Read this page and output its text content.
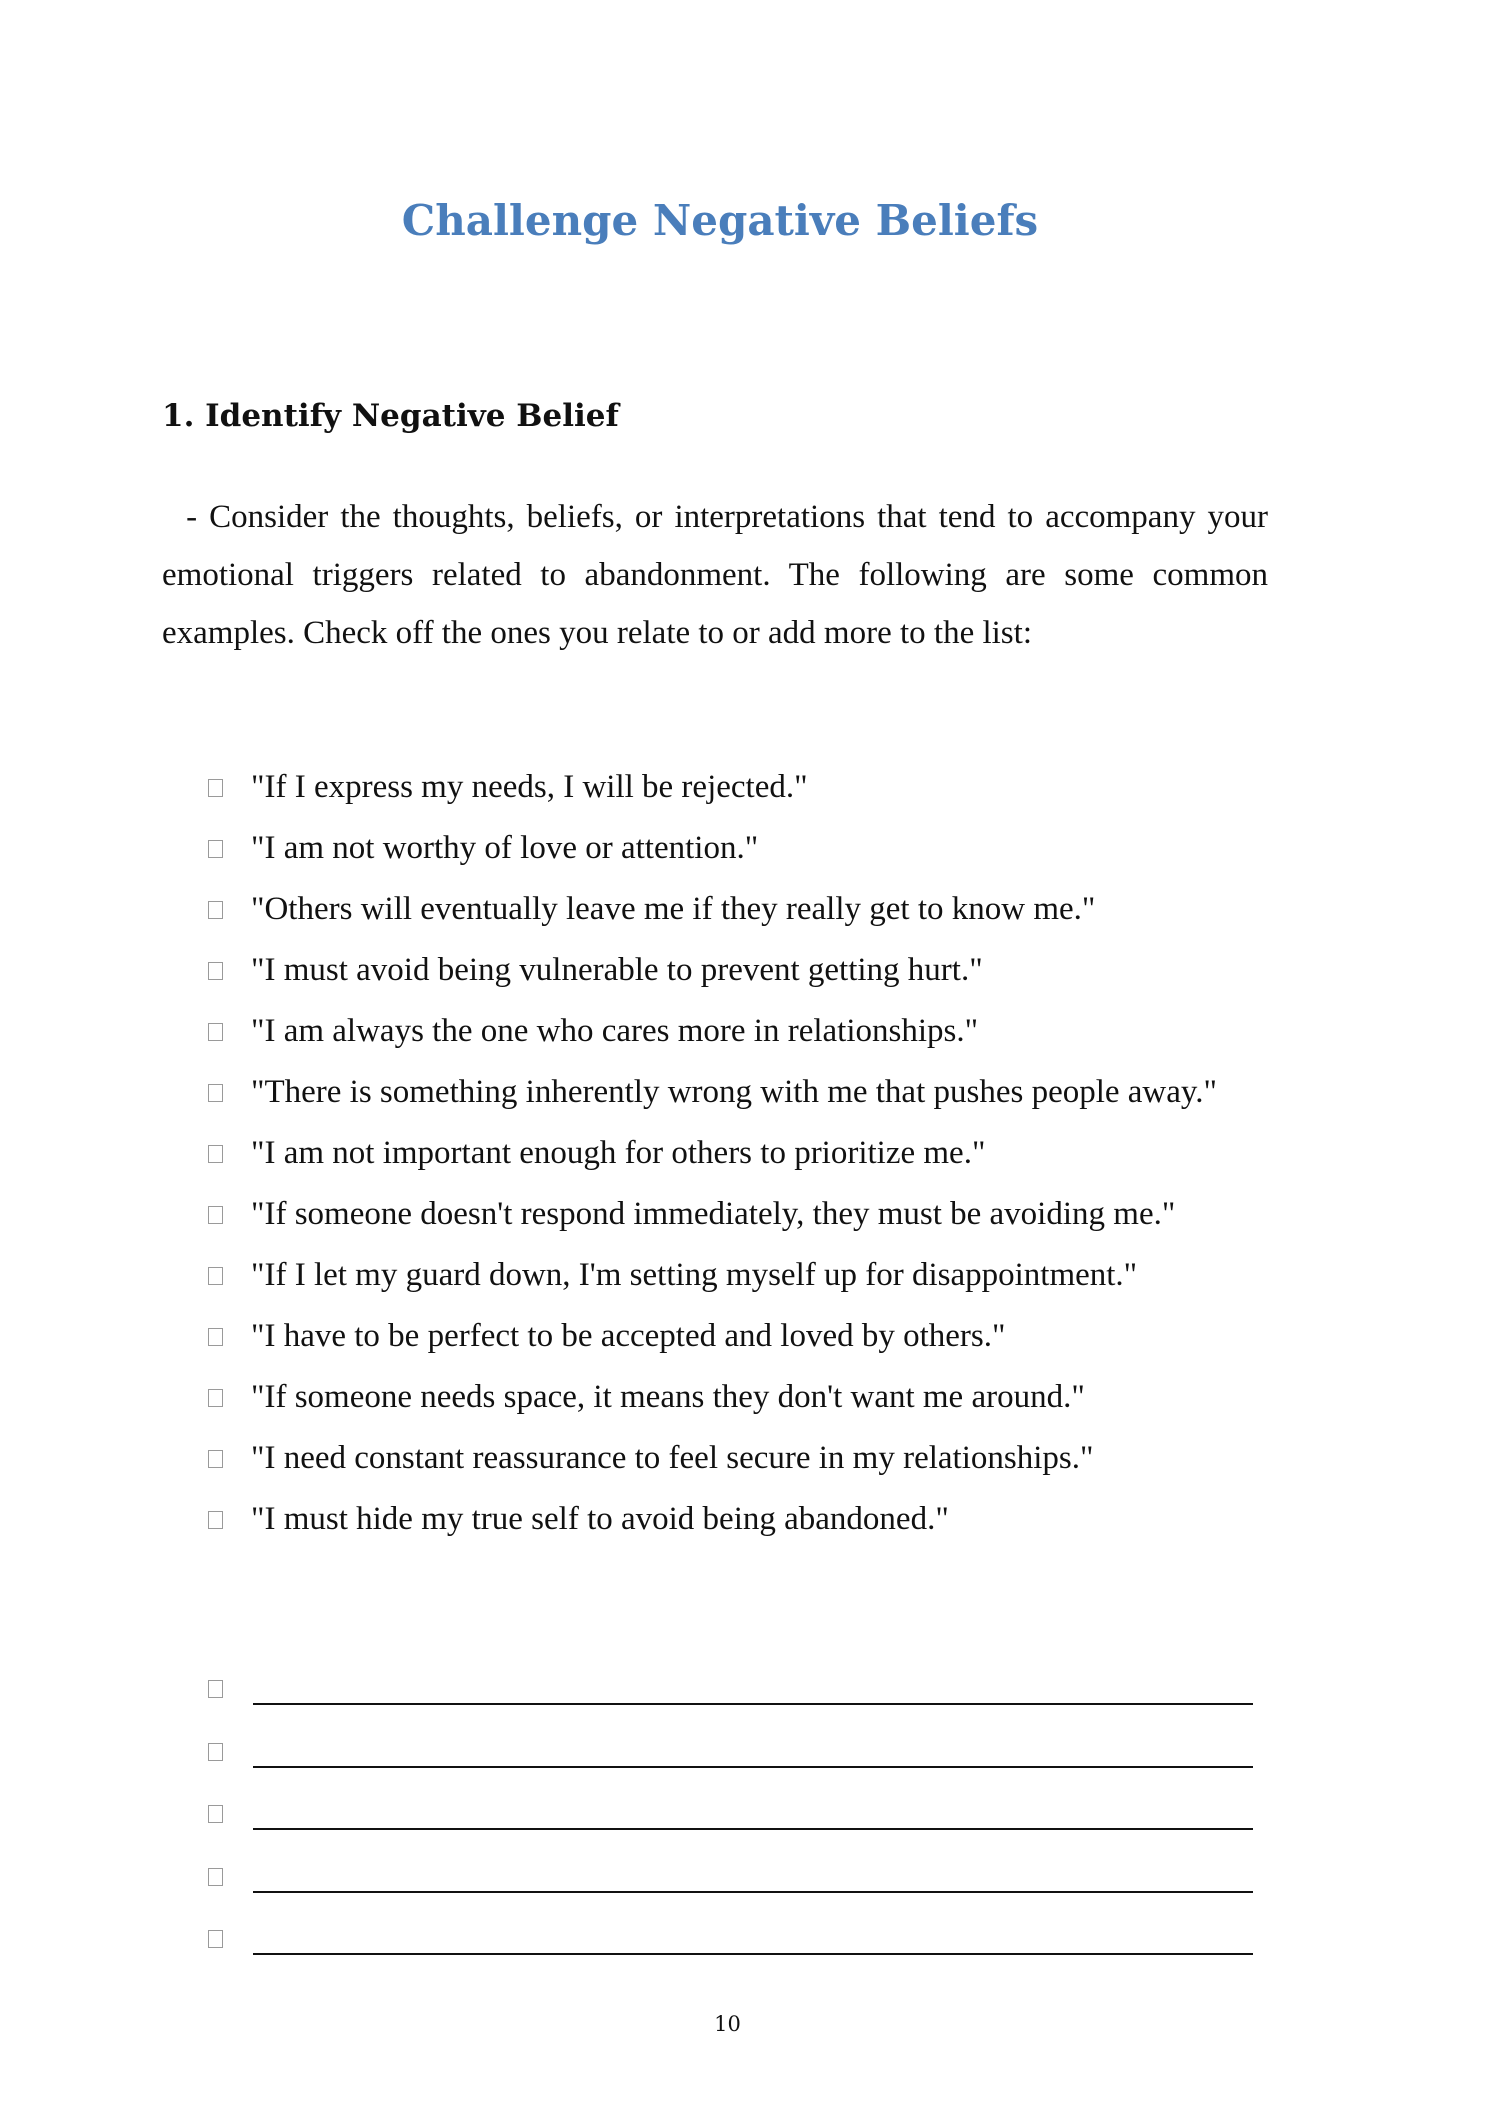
Challenge Negative Beliefs
1. Identify Negative Belief

- Consider the thoughts, beliefs, or interpretations that tend to accompany your emotional triggers related to abandonment. The following are some common examples. Check off the ones you relate to or add more to the list:

"If I express my needs, I will be rejected."
"I am not worthy of love or attention."
"Others will eventually leave me if they really get to know me."
"I must avoid being vulnerable to prevent getting hurt."
"I am always the one who cares more in relationships."
"There is something inherently wrong with me that pushes people away."
"I am not important enough for others to prioritize me."
"If someone doesn't respond immediately, they must be avoiding me."
"If I let my guard down, I'm setting myself up for disappointment."
"I have to be perfect to be accepted and loved by others."
"If someone needs space, it means they don't want me around."
"I need constant reassurance to feel secure in my relationships."
"I must hide my true self to avoid being abandoned."
10
